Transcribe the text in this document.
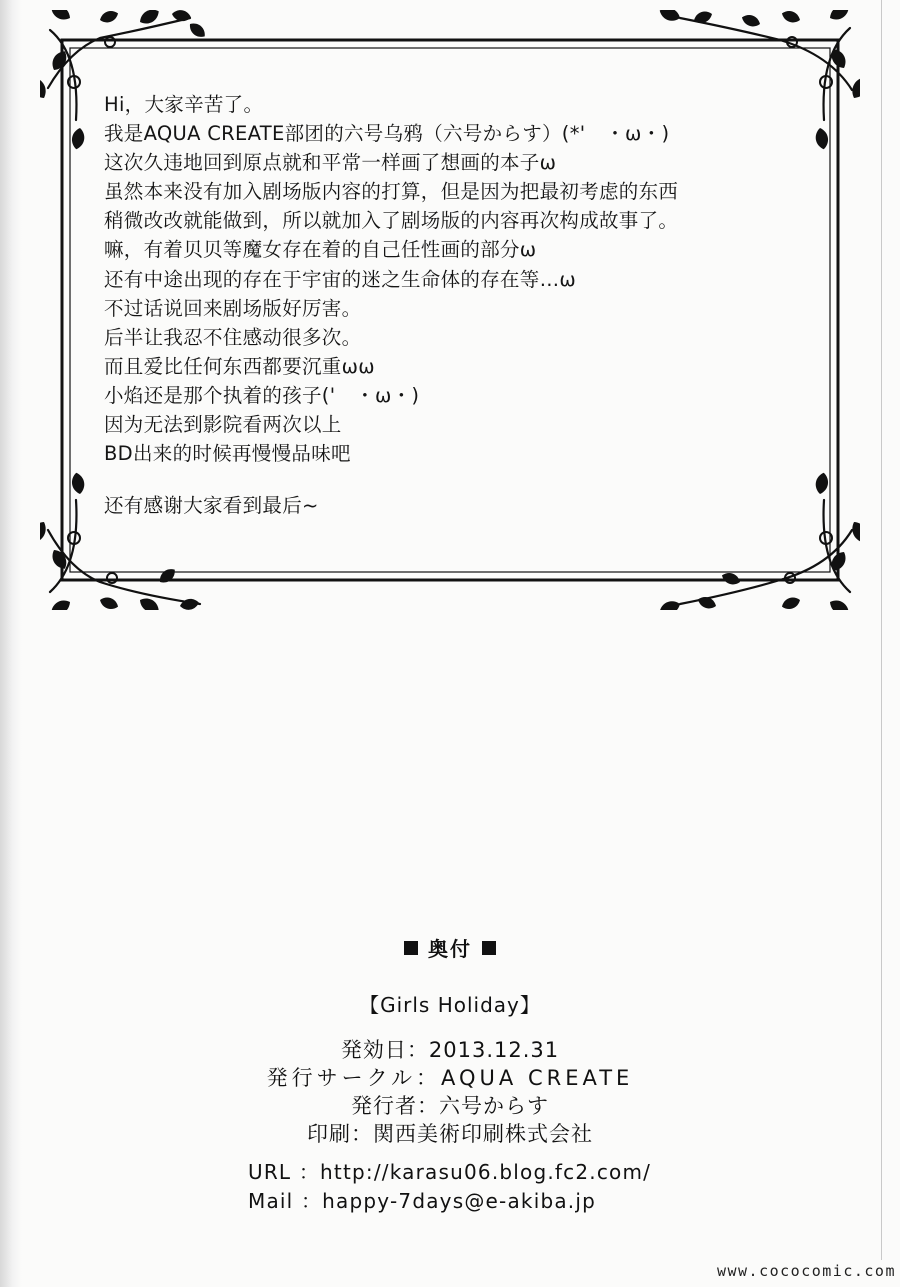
Hi，大家辛苦了。
我是AQUA CREATE部团的六号乌鸦（六号からす）(*'　・ω・)
这次久违地回到原点就和平常一样画了想画的本子ω
虽然本来没有加入剧场版内容的打算，但是因为把最初考虑的东西
稍微改改就能做到，所以就加入了剧场版的内容再次构成故事了。
嘛，有着贝贝等魔女存在着的自己任性画的部分ω
还有中途出现的存在于宇宙的迷之生命体的存在等…ω
不过话说回来剧场版好厉害。
后半让我忍不住感动很多次。
而且爱比任何东西都要沉重ωω
小焰还是那个执着的孩子('　・ω・)
因为无法到影院看两次以上
BD出来的时候再慢慢品味吧
还有感谢大家看到最后~
奥付
【Girls Holiday】
発効日：2013.12.31
発行サークル：AQUA CREATE
発行者：六号からす
印刷：関西美術印刷株式会社
URL ：http://karasu06.blog.fc2.com/
Mail ：happy-7days@e-akiba.jp
www.cococomic.com
